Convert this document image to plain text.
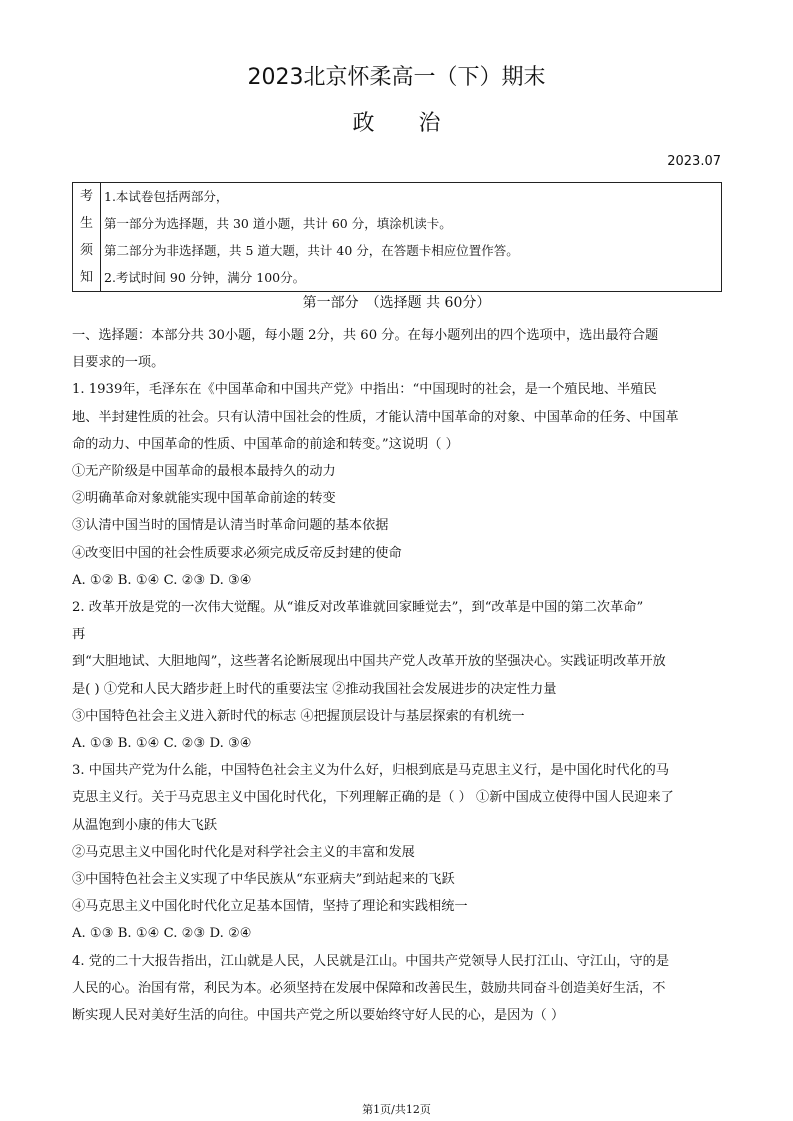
2023北京怀柔高一（下）期末
政治
2023.07
考
生
须
知
1.本试卷包括两部分，
第一部分为选择题，共 30 道小题，共计 60 分，填涂机读卡。
第二部分为非选择题，共 5 道大题，共计 40 分，在答题卡相应位置作答。
2.考试时间 90 分钟，满分 100分。
第一部分　（选择题 共 60分）

一、选择题：本部分共 30小题，每小题 2分，共 60 分。在每小题列出的四个选项中，选出最符合题

目要求的一项。

1. 1939年，毛泽东在《中国革命和中国共产党》中指出：“中国现时的社会，是一个殖民地、半殖民

地、半封建性质的社会。只有认清中国社会的性质，才能认清中国革命的对象、中国革命的任务、中国革

命的动力、中国革命的性质、中国革命的前途和转变。”这说明（ ）

①无产阶级是中国革命的最根本最持久的动力

②明确革命对象就能实现中国革命前途的转变

③认清中国当时的国情是认清当时革命问题的基本依据

④改变旧中国的社会性质要求必须完成反帝反封建的使命

A. ①② B. ①④ C. ②③ D. ③④

2. 改革开放是党的一次伟大觉醒。从“谁反对改革谁就回家睡觉去”，到“改革是中国的第二次革命”

再

到“大胆地试、大胆地闯”，这些著名论断展现出中国共产党人改革开放的坚强决心。实践证明改革开放

是( ) ①党和人民大踏步赶上时代的重要法宝 ②推动我国社会发展进步的决定性力量

③中国特色社会主义进入新时代的标志 ④把握顶层设计与基层探索的有机统一

A. ①③ B. ①④ C. ②③ D. ③④

3. 中国共产党为什么能，中国特色社会主义为什么好，归根到底是马克思主义行，是中国化时代化的马

克思主义行。关于马克思主义中国化时代化，下列理解正确的是（ ） ①新中国成立使得中国人民迎来了

从温饱到小康的伟大飞跃

②马克思主义中国化时代化是对科学社会主义的丰富和发展

③中国特色社会主义实现了中华民族从“东亚病夫”到站起来的飞跃

④马克思主义中国化时代化立足基本国情，坚持了理论和实践相统一

A. ①③ B. ①④ C. ②③ D. ②④

4. 党的二十大报告指出，江山就是人民，人民就是江山。中国共产党领导人民打江山、守江山，守的是

人民的心。治国有常，利民为本。必须坚持在发展中保障和改善民生，鼓励共同奋斗创造美好生活，不

断实现人民对美好生活的向往。中国共产党之所以要始终守好人民的心，是因为（ ）

第1页/共12页
